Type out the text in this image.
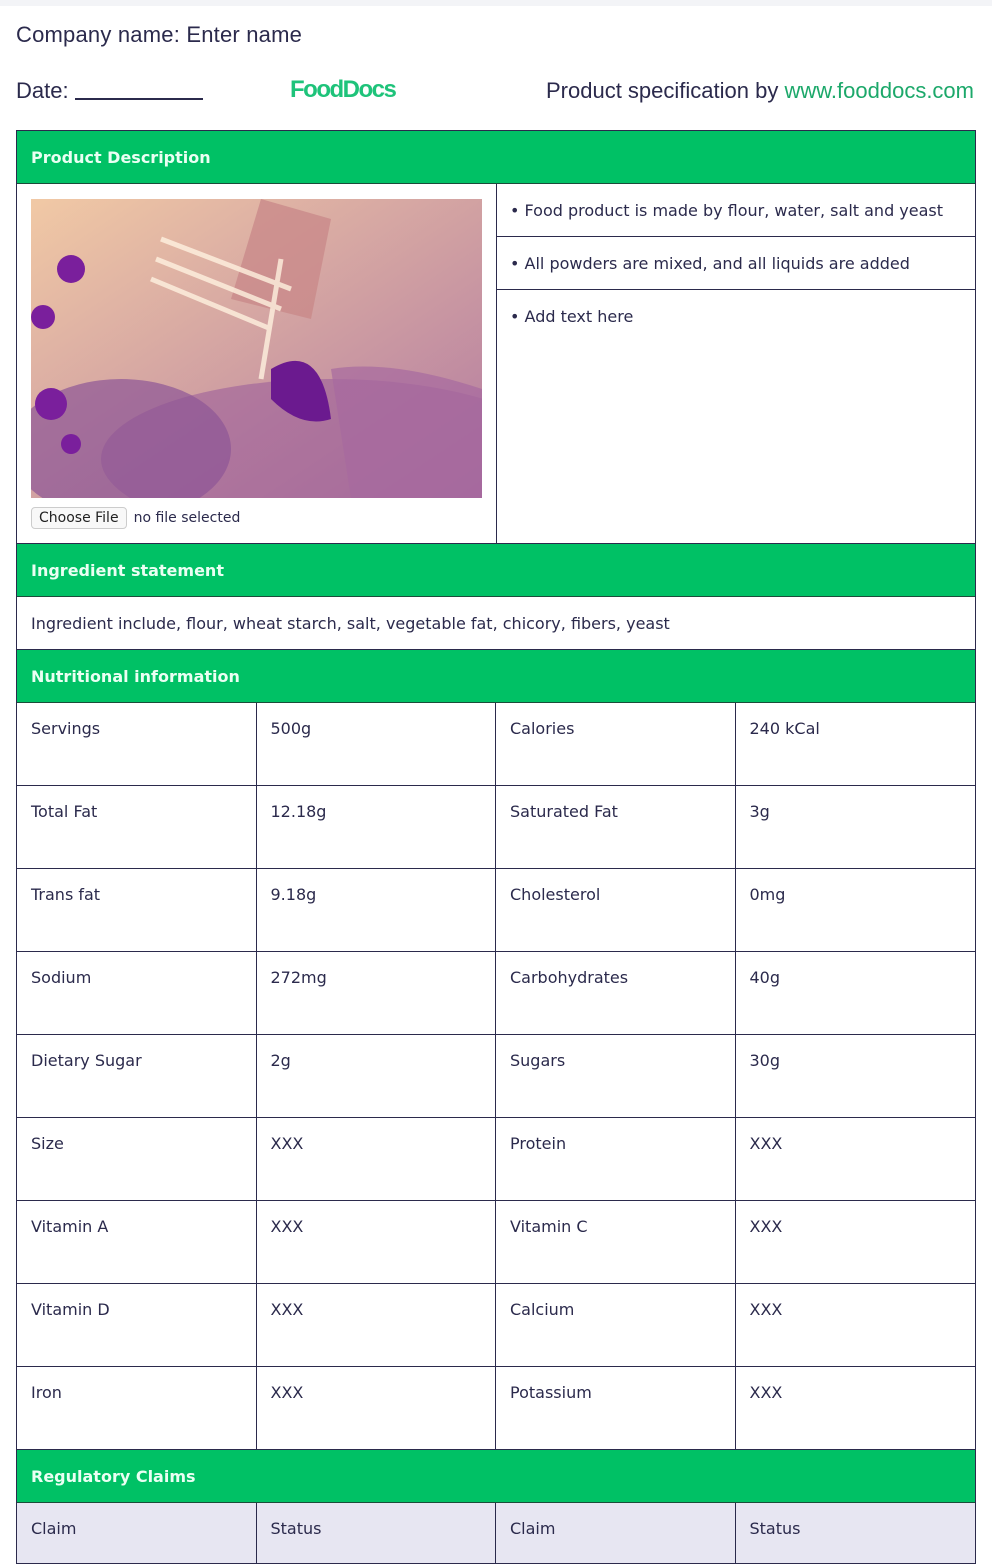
Company name: Enter name
Date:	FoodDocs	Product specification by www.fooddocs.com
Product Description
Choose File	no file selected
• Food product is made by flour, water, salt and yeast
• All powders are mixed, and all liquids are added
• Add text here
Ingredient statement
Ingredient include, flour, wheat starch, salt, vegetable fat, chicory, fibers, yeast
Nutritional information
Servings	500g	Calories	240 kCal
Total Fat	12.18g	Saturated Fat	3g
Trans fat	9.18g	Cholesterol	0mg
Sodium	272mg	Carbohydrates	40g
Dietary Sugar	2g	Sugars	30g
Size	XXX	Protein	XXX
Vitamin A	XXX	Vitamin C	XXX
Vitamin D	XXX	Calcium	XXX
Iron	XXX	Potassium	XXX
Regulatory Claims
Claim	Status	Claim	Status
